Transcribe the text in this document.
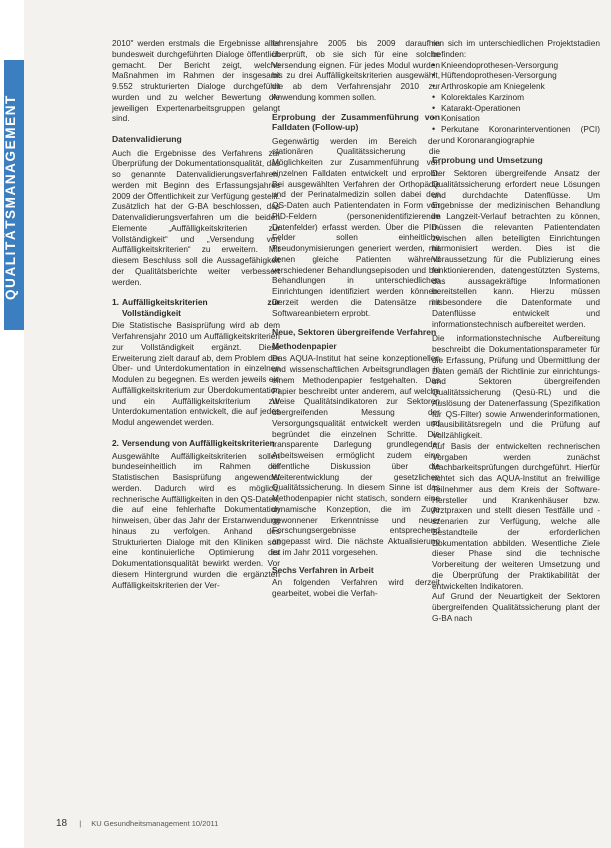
QUALITÄTSMANAGEMENT

2010" werden erstmals die Ergebnisse aller bundesweit durchgeführten Dialoge öffentlich gemacht. Der Bericht zeigt, welche Maßnahmen im Rahmen der insgesamt 9.552 strukturierten Dialoge durchgeführt wurden und zu welcher Bewertung die jeweiligen Expertenarbeitsgruppen gelangt sind.

Datenvalidierung

Auch die Ergebnisse des Verfahrens zur Überprüfung der Dokumentationsqualität, das so genannte Datenvalidierungsverfahren, werden mit Beginn des Erfassungsjahres 2009 der Öffentlichkeit zur Verfügung gestellt. Zusätzlich hat der G-BA beschlossen, das Datenvalidierungsverfahren um die beiden Elemente „Auffälligkeitskriterien zur Vollständigkeit“ und „Versendung von Auffälligkeitskriterien“ zu erweitern. Mit diesem Beschluss soll die Aussagefähigkeit der Qualitätsberichte weiter verbessert werden.

1. Auffälligkeitskriterien zur Vollständigkeit

Die Statistische Basisprüfung wird ab dem Verfahrensjahr 2010 um Auffälligkeitskriterien zur Vollständigkeit ergänzt. Diese Erweiterung zielt darauf ab, dem Problem der Über- und Unterdokumentation in einzelnen Modulen zu begegnen. Es werden jeweils ein Auffälligkeitskriterium zur Überdokumentation und ein Auffälligkeitskriterium zur Unterdokumentation entwickelt, die auf jedes Modul angewendet werden.

2. Versendung von Auffälligkeitskriterien

Ausgewählte Auffälligkeitskriterien sollen bundeseinheitlich im Rahmen der Statistischen Basisprüfung angewendet werden. Dadurch wird es möglich, rechnerische Auffälligkeiten in den QS-Daten, die auf eine fehlerhafte Dokumentation hinweisen, über das Jahr der Erstanwendung hinaus zu verfolgen. Anhand des Strukturierten Dialoge mit den Kliniken soll eine kontinuierliche Optimierung der Dokumentationsqualität bewirkt werden. Vor diesem Hintergrund wurden die ergänzten Auffälligkeitskriterien der Ver-

fahrensjahre 2005 bis 2009 daraufhin überprüft, ob sie sich für eine solche Versendung eignen. Für jedes Modul wurden bis zu drei Auffälligkeitskriterien ausgewählt, die ab dem Verfahrensjahr 2010 zur Anwendung kommen sollen.

Erprobung der Zusammenführung von Falldaten (Follow-up)

Gegenwärtig werden im Bereich der stationären Qualitätssicherung die Möglichkeiten zur Zusammenführung von einzelnen Falldaten entwickelt und erprobt. Bei ausgewählten Verfahren der Orthopädie und der Perinatalmedizin sollen dabei den QS-Daten auch Patientendaten in Form von PID-Feldern (personenidentifizierende Datenfelder) erfasst werden. Über die PID-Felder sollen einheitliche Pseudonymisierungen generiert werden, mit denen gleiche Patienten während verschiedener Behandlungsepisoden und bei Behandlungen in unterschiedlichen Einrichtungen identifiziert werden können. Derzeit werden die Datensätze mit Softwareanbietern erprobt.

Neue, Sektoren übergreifende Verfahren
Methodenpapier

Das AQUA-Institut hat seine konzeptionellen und wissenschaftlichen Arbeitsgrundlagen in einem Methodenpapier festgehalten. Das Papier beschreibt unter anderem, auf welche Weise Qualitätsindikatoren zur Sektoren übergreifenden Messung der Versorgungsqualität entwickelt werden und begründet die einzelnen Schritte. Die transparente Darlegung grundlegender Arbeitsweisen ermöglicht zudem eine öffentliche Diskussion über die Weiterentwicklung der gesetzlichen Qualitätssicherung. In diesem Sinne ist das Methodenpapier nicht statisch, sondern eine dynamische Konzeption, die im Zuge gewonnener Erkenntnisse und neuer Forschungsergebnisse entsprechend angepasst wird. Die nächste Aktualisierung ist im Jahr 2011 vorgesehen.

Sechs Verfahren in Arbeit

An folgenden Verfahren wird derzeit gearbeitet, wobei die Verfah-

ren sich im unterschiedlichen Projektstadien befinden:

• Knieendoprothesen-Versorgung
• Hüftendoprothesen-Versorgung
• Arthroskopie am Kniegelenk
• Kolorektales Karzinom
• Katarakt-Operationen
• Konisation
• Perkutane Koronarinterventionen (PCI) und Koronarangiographie
Erprobung und Umsetzung

Der Sektoren übergreifende Ansatz der Qualitätssicherung erfordert neue Lösungen und durchdachte Datenflüsse. Um Ergebnisse der medizinischen Behandlung im Langzeit-Verlauf betrachten zu können, müssen die relevanten Patientendaten zwischen allen beteiligten Einrichtungen harmonisiert werden. Dies ist die Voraussetzung für die Publizierung eines funktionierenden, datengestützten Systems, das aussagekräftige Informationen bereitstellen kann. Hierzu müssen insbesondere die Datenformate und Datenflüsse entwickelt und informationstechnisch aufbereitet werden.

Die informationstechnische Aufbereitung beschreibt die Dokumentationsparameter für die Erfassung, Prüfung und Übermittlung der Daten gemäß der Richtlinie zur einrichtungs- und Sektoren übergreifenden Qualitätssicherung (Qesü-RL) und die Auslösung der Datenerfassung (Spezifikation für QS-Filter) sowie Anwenderinformationen, Plausibilitätsregeln und die Prüfung auf Vollzähligkeit.

Auf Basis der entwickelten rechnerischen Vorgaben werden zunächst Machbarkeitsprüfungen durchgeführt. Hierfür richtet sich das AQUA-Institut an freiwillige Teilnehmer aus dem Kreis der Software-Hersteller und Krankenhäuser bzw. Arztpraxen und stellt diesen Testfälle und -szenarien zur Verfügung, welche alle Bestandteile der erforderlichen Dokumentation abbilden. Wesentliche Ziele dieser Phase sind die technische Vorbereitung der weiteren Umsetzung und die Überprüfung der Praktikabilität der entwickelten Indikatoren.

Auf Grund der Neuartigkeit der Sektoren übergreifenden Qualitätssicherung plant der G-BA nach

18 | KU Gesundheitsmanagement 10/2011
